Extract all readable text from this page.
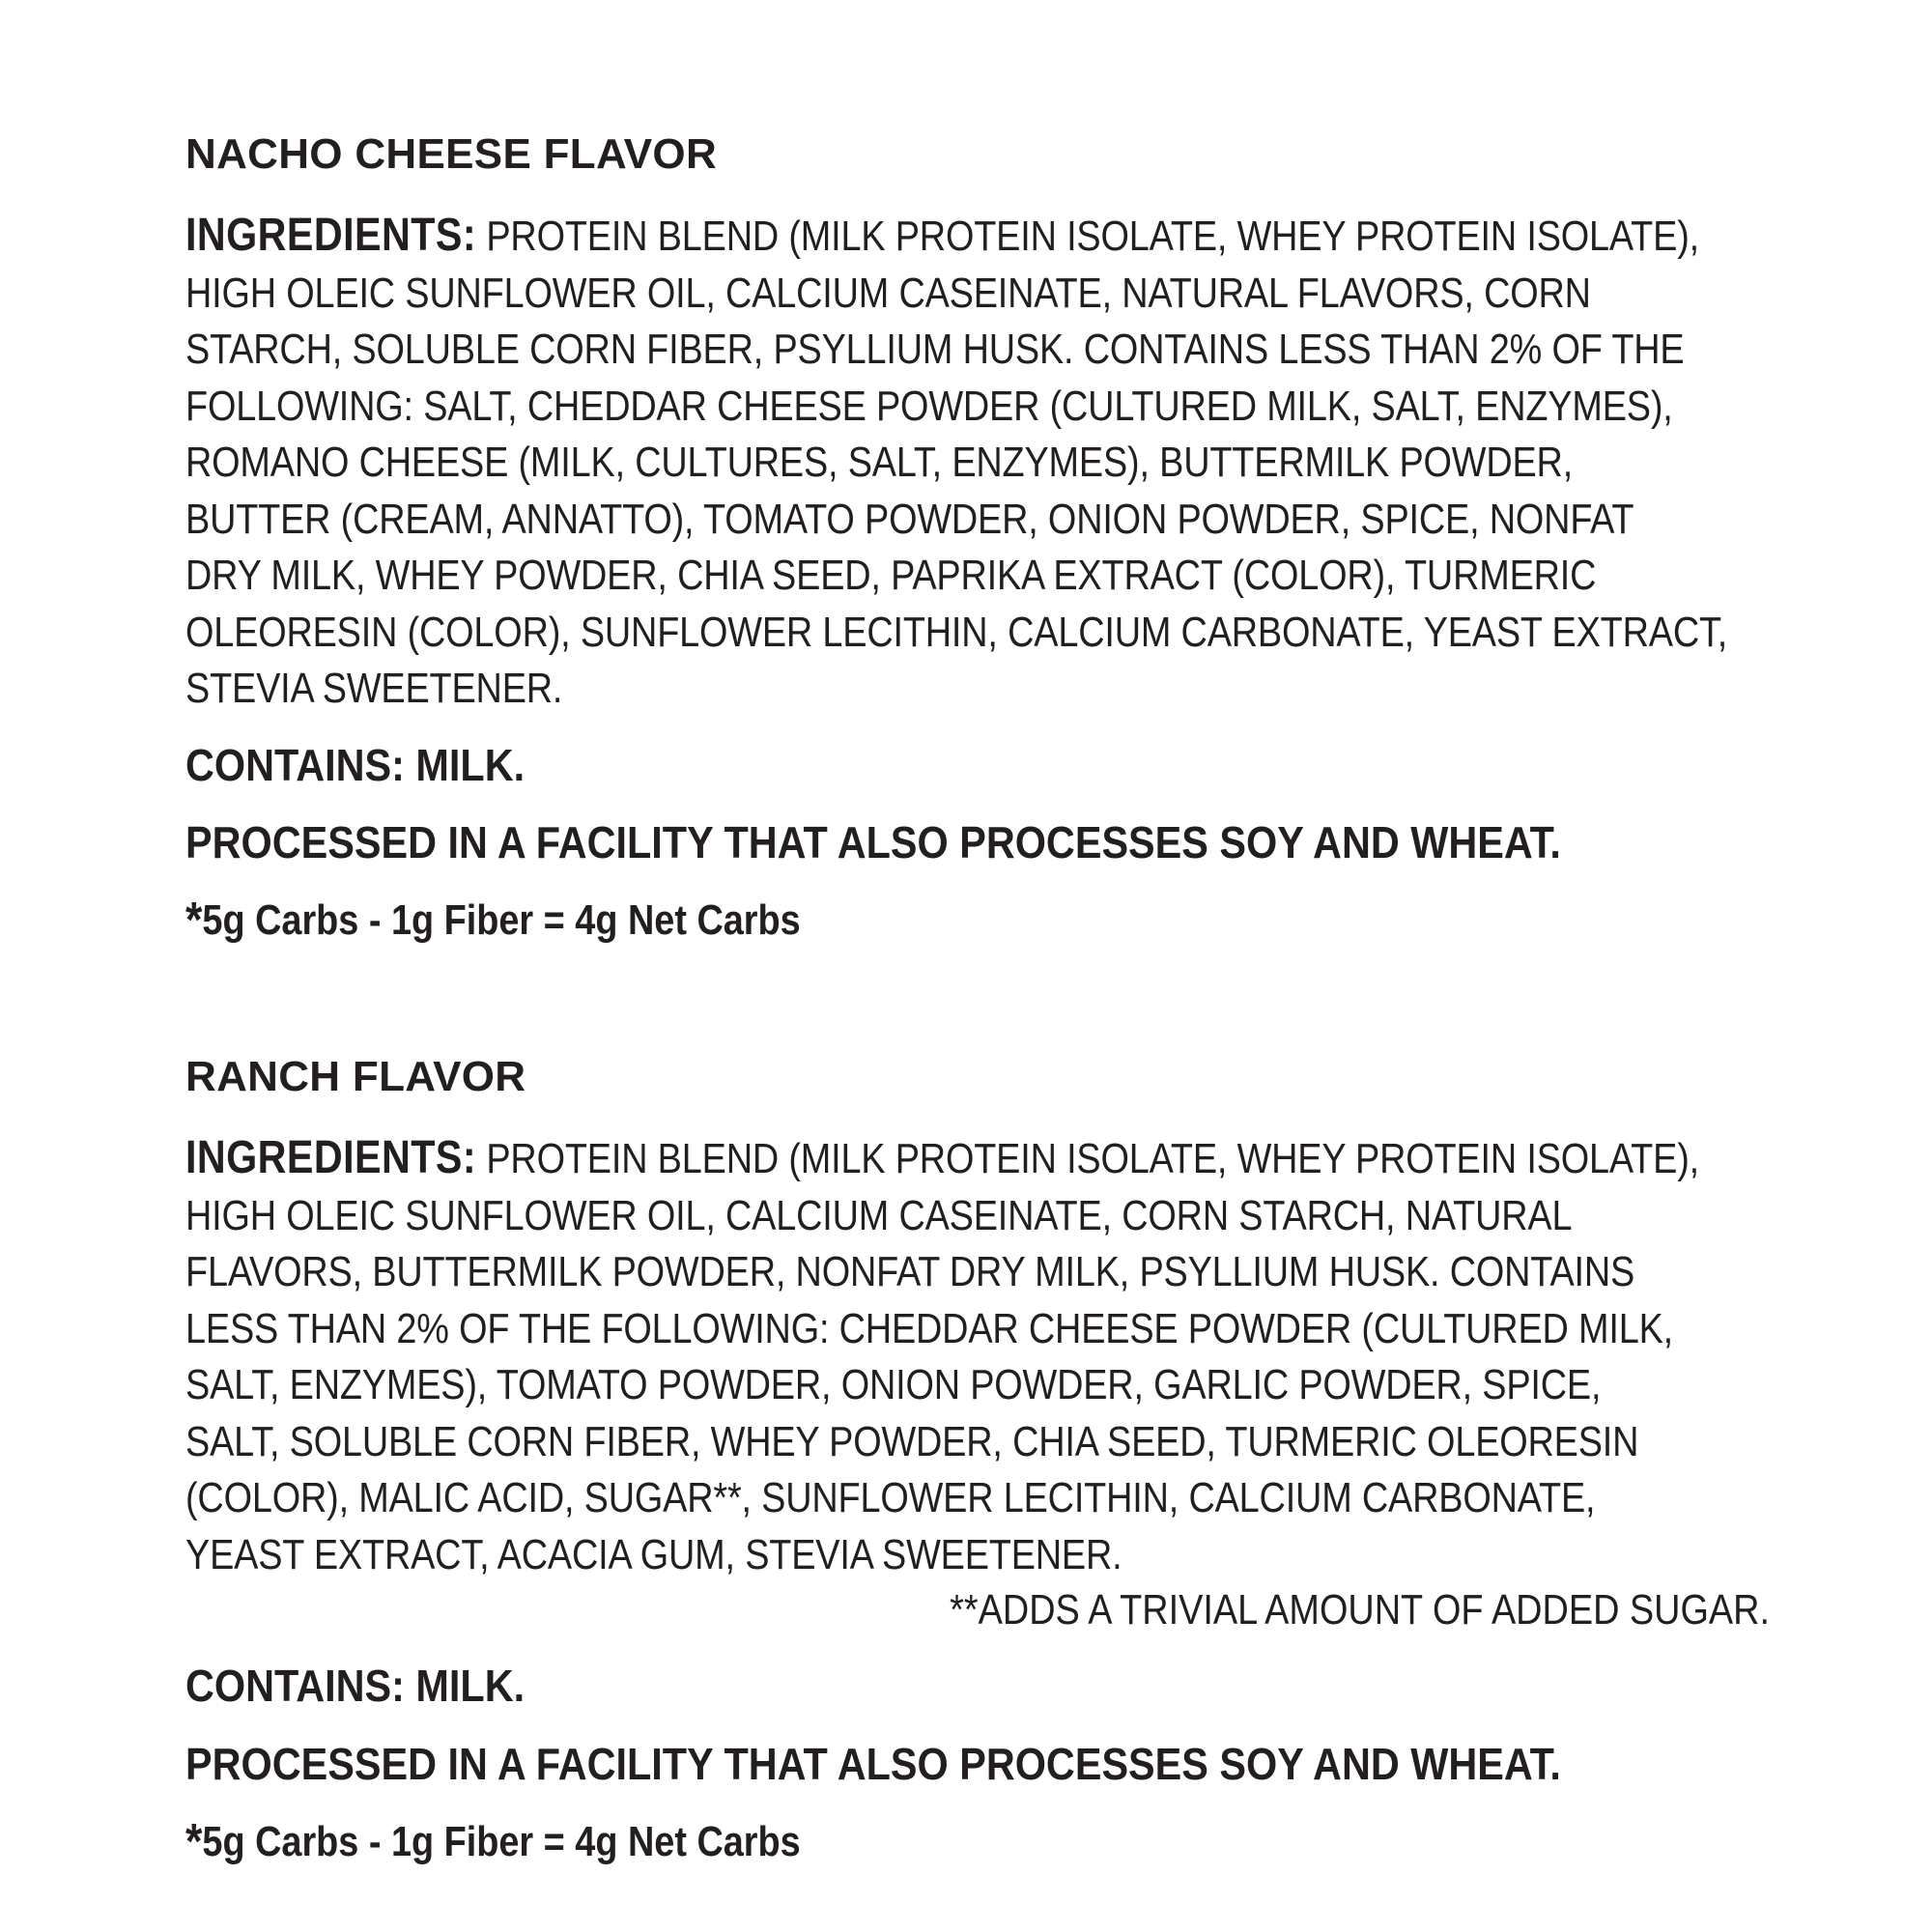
NACHO CHEESE FLAVOR
INGREDIENTS: PROTEIN BLEND (MILK PROTEIN ISOLATE, WHEY PROTEIN ISOLATE),
HIGH OLEIC SUNFLOWER OIL, CALCIUM CASEINATE, NATURAL FLAVORS, CORN
STARCH, SOLUBLE CORN FIBER, PSYLLIUM HUSK. CONTAINS LESS THAN 2% OF THE
FOLLOWING: SALT, CHEDDAR CHEESE POWDER (CULTURED MILK, SALT, ENZYMES),
ROMANO CHEESE (MILK, CULTURES, SALT, ENZYMES), BUTTERMILK POWDER,
BUTTER (CREAM, ANNATTO), TOMATO POWDER, ONION POWDER, SPICE, NONFAT
DRY MILK, WHEY POWDER, CHIA SEED, PAPRIKA EXTRACT (COLOR), TURMERIC
OLEORESIN (COLOR), SUNFLOWER LECITHIN, CALCIUM CARBONATE, YEAST EXTRACT,
STEVIA SWEETENER.

CONTAINS: MILK.

PROCESSED IN A FACILITY THAT ALSO PROCESSES SOY AND WHEAT.

*5g Carbs - 1g Fiber = 4g Net Carbs

RANCH FLAVOR
INGREDIENTS: PROTEIN BLEND (MILK PROTEIN ISOLATE, WHEY PROTEIN ISOLATE),
HIGH OLEIC SUNFLOWER OIL, CALCIUM CASEINATE, CORN STARCH, NATURAL
FLAVORS, BUTTERMILK POWDER, NONFAT DRY MILK, PSYLLIUM HUSK. CONTAINS
LESS THAN 2% OF THE FOLLOWING: CHEDDAR CHEESE POWDER (CULTURED MILK,
SALT, ENZYMES), TOMATO POWDER, ONION POWDER, GARLIC POWDER, SPICE,
SALT, SOLUBLE CORN FIBER, WHEY POWDER, CHIA SEED, TURMERIC OLEORESIN
(COLOR), MALIC ACID, SUGAR**, SUNFLOWER LECITHIN, CALCIUM CARBONATE,
YEAST EXTRACT, ACACIA GUM, STEVIA SWEETENER.
**ADDS A TRIVIAL AMOUNT OF ADDED SUGAR.

CONTAINS: MILK.

PROCESSED IN A FACILITY THAT ALSO PROCESSES SOY AND WHEAT.

*5g Carbs - 1g Fiber = 4g Net Carbs
